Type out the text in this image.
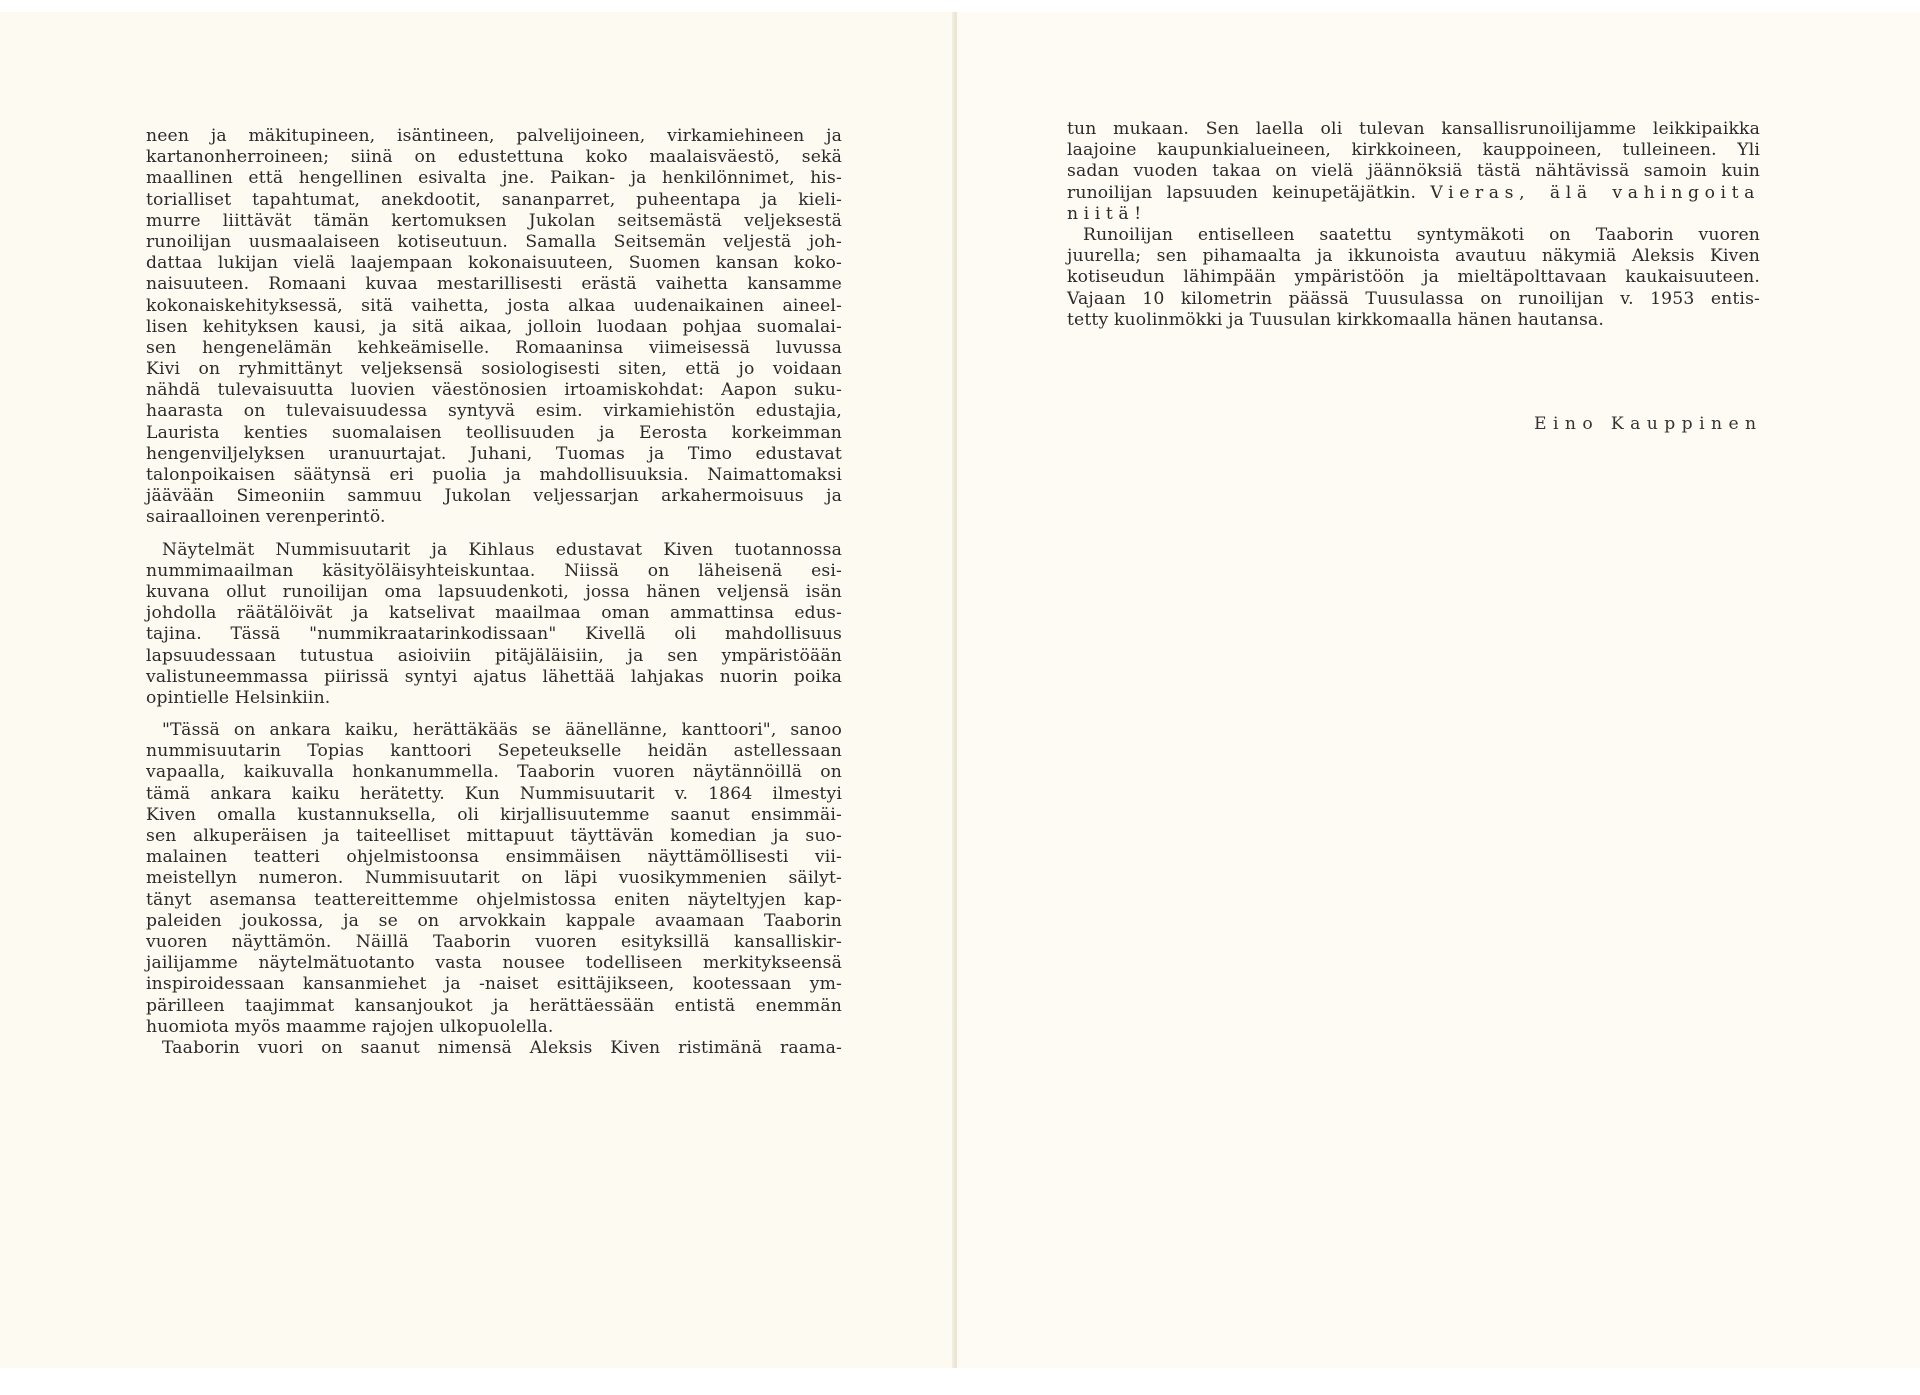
neen ja mäkitupineen, isäntineen, palvelijoineen, virkamiehineen ja
kartanonherroineen; siinä on edustettuna koko maalaisväestö, sekä
maallinen että hengellinen esivalta jne. Paikan- ja henkilönnimet, his-
torialliset tapahtumat, anekdootit, sananparret, puheentapa ja kieli-
murre liittävät tämän kertomuksen Jukolan seitsemästä veljeksestä
runoilijan uusmaalaiseen kotiseutuun. Samalla Seitsemän veljestä joh-
dattaa lukijan vielä laajempaan kokonaisuuteen, Suomen kansan koko-
naisuuteen. Romaani kuvaa mestarillisesti erästä vaihetta kansamme
kokonaiskehityksessä, sitä vaihetta, josta alkaa uudenaikainen aineel-
lisen kehityksen kausi, ja sitä aikaa, jolloin luodaan pohjaa suomalai-
sen hengenelämän kehkeämiselle. Romaaninsa viimeisessä luvussa
Kivi on ryhmittänyt veljeksensä sosiologisesti siten, että jo voidaan
nähdä tulevaisuutta luovien väestönosien irtoamiskohdat: Aapon suku-
haarasta on tulevaisuudessa syntyvä esim. virkamiehistön edustajia,
Laurista kenties suomalaisen teollisuuden ja Eerosta korkeimman
hengenviljelyksen uranuurtajat. Juhani, Tuomas ja Timo edustavat
talonpoikaisen säätynsä eri puolia ja mahdollisuuksia. Naimattomaksi
jäävään Simeoniin sammuu Jukolan veljessarjan arkahermoisuus ja
sairaalloinen verenperintö.

Näytelmät Nummisuutarit ja Kihlaus edustavat Kiven tuotannossa
nummimaailman käsityöläisyhteiskuntaa. Niissä on läheisenä esi-
kuvana ollut runoilijan oma lapsuudenkoti, jossa hänen veljensä isän
johdolla räätälöivät ja katselivat maailmaa oman ammattinsa edus-
tajina. Tässä "nummikraatarinkodissaan" Kivellä oli mahdollisuus
lapsuudessaan tutustua asioiviin pitäjäläisiin, ja sen ympäristöään
valistuneemmassa piirissä syntyi ajatus lähettää lahjakas nuorin poika
opintielle Helsinkiin.

"Tässä on ankara kaiku, herättäkääs se äänellänne, kanttoori", sanoo
nummisuutarin Topias kanttoori Sepeteukselle heidän astellessaan
vapaalla, kaikuvalla honkanummella. Taaborin vuoren näytännöillä on
tämä ankara kaiku herätetty. Kun Nummisuutarit v. 1864 ilmestyi
Kiven omalla kustannuksella, oli kirjallisuutemme saanut ensimmäi-
sen alkuperäisen ja taiteelliset mittapuut täyttävän komedian ja suo-
malainen teatteri ohjelmistoonsa ensimmäisen näyttämöllisesti vii-
meistellyn numeron. Nummisuutarit on läpi vuosikymmenien säilyt-
tänyt asemansa teattereittemme ohjelmistossa eniten näyteltyjen kap-
paleiden joukossa, ja se on arvokkain kappale avaamaan Taaborin
vuoren näyttämön. Näillä Taaborin vuoren esityksillä kansalliskir-
jailijamme näytelmätuotanto vasta nousee todelliseen merkitykseensä
inspiroidessaan kansanmiehet ja -naiset esittäjikseen, kootessaan ym-
pärilleen taajimmat kansanjoukot ja herättäessään entistä enemmän
huomiota myös maamme rajojen ulkopuolella.

Taaborin vuori on saanut nimensä Aleksis Kiven ristimänä raama-

tun mukaan. Sen laella oli tulevan kansallisrunoilijamme leikkipaikka
laajoine kaupunkialueineen, kirkkoineen, kauppoineen, tulleineen. Yli
sadan vuoden takaa on vielä jäännöksiä tästä nähtävissä samoin kuin
runoilijan lapsuuden keinupetäjätkin. Vieras, älä vahingoita
niitä!

Runoilijan entiselleen saatettu syntymäkoti on Taaborin vuoren
juurella; sen pihamaalta ja ikkunoista avautuu näkymiä Aleksis Kiven
kotiseudun lähimpään ympäristöön ja mieltäpolttavaan kaukaisuuteen.
Vajaan 10 kilometrin päässä Tuusulassa on runoilijan v. 1953 entis-
tetty kuolinmökki ja Tuusulan kirkkomaalla hänen hautansa.

Eino Kauppinen
